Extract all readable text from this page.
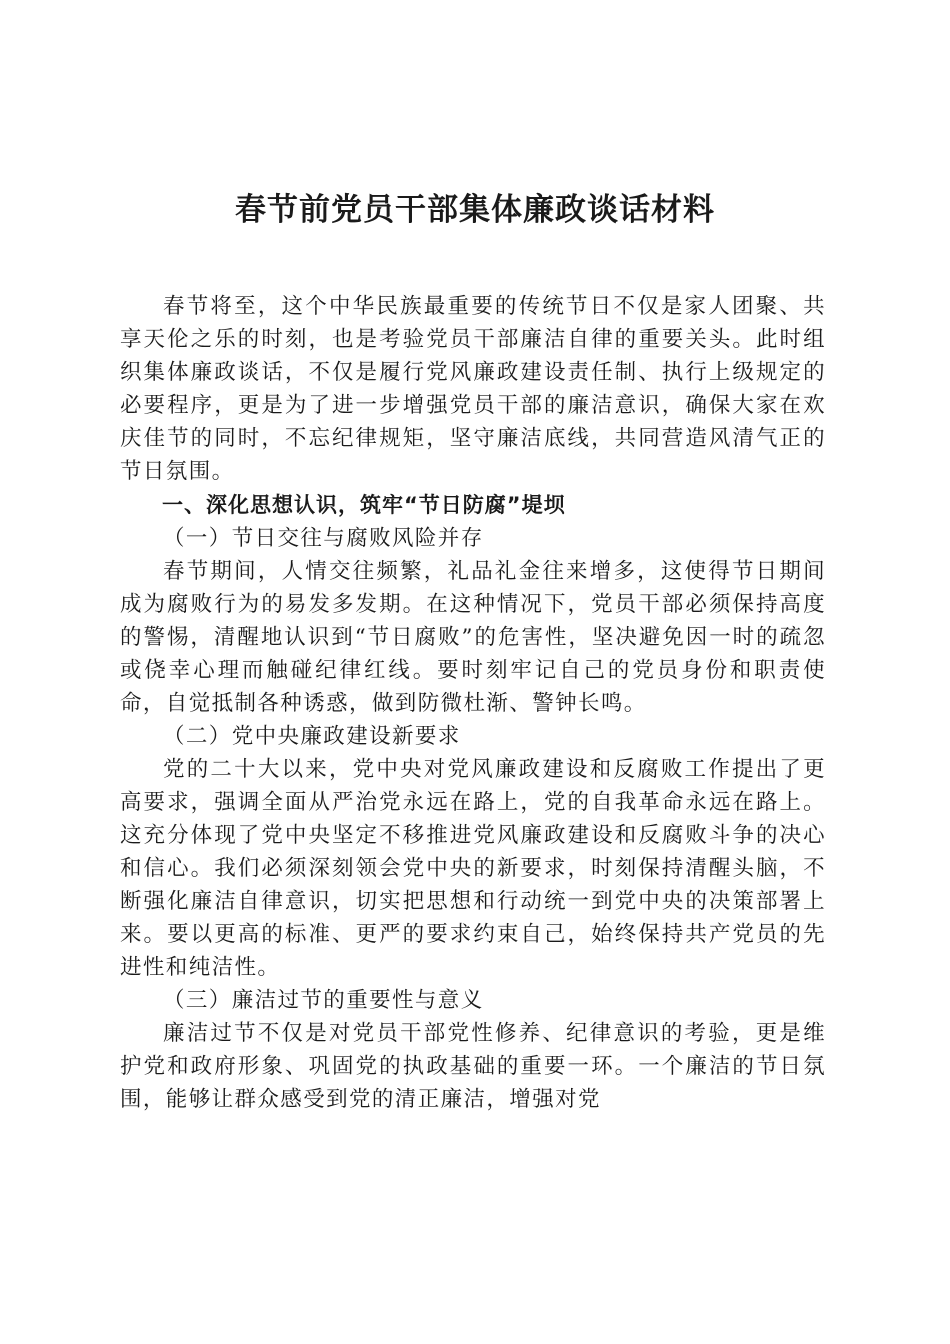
春节前党员干部集体廉政谈话材料

春节将至，这个中华民族最重要的传统节日不仅是家人团聚、共享天伦之乐的时刻，也是考验党员干部廉洁自律的重要关头。此时组织集体廉政谈话，不仅是履行党风廉政建设责任制、执行上级规定的必要程序，更是为了进一步增强党员干部的廉洁意识，确保大家在欢庆佳节的同时，不忘纪律规矩，坚守廉洁底线，共同营造风清气正的节日氛围。

一、深化思想认识，筑牢“节日防腐”堤坝

（一）节日交往与腐败风险并存

春节期间，人情交往频繁，礼品礼金往来增多，这使得节日期间成为腐败行为的易发多发期。在这种情况下，党员干部必须保持高度的警惕，清醒地认识到“节日腐败”的危害性，坚决避免因一时的疏忽或侥幸心理而触碰纪律红线。要时刻牢记自己的党员身份和职责使命，自觉抵制各种诱惑，做到防微杜渐、警钟长鸣。

（二）党中央廉政建设新要求

党的二十大以来，党中央对党风廉政建设和反腐败工作提出了更高要求，强调全面从严治党永远在路上，党的自我革命永远在路上。这充分体现了党中央坚定不移推进党风廉政建设和反腐败斗争的决心和信心。我们必须深刻领会党中央的新要求，时刻保持清醒头脑，不断强化廉洁自律意识，切实把思想和行动统一到党中央的决策部署上来。要以更高的标准、更严的要求约束自己，始终保持共产党员的先进性和纯洁性。

（三）廉洁过节的重要性与意义

廉洁过节不仅是对党员干部党性修养、纪律意识的考验，更是维护党和政府形象、巩固党的执政基础的重要一环。一个廉洁的节日氛围，能够让群众感受到党的清正廉洁，增强对党
